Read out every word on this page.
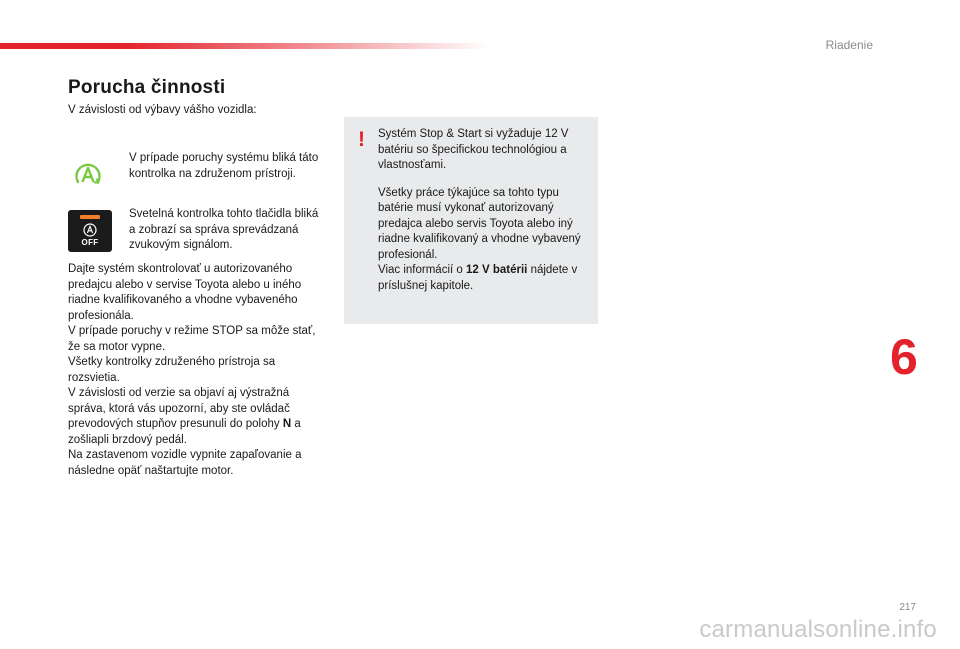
Riadenie
Porucha činnosti
V závislosti od výbavy vášho vozidla:
V prípade poruchy systému bliká táto kontrolka na združenom prístroji.
OFF
Svetelná kontrolka tohto tlačidla bliká a zobrazí sa správa sprevádzaná zvukovým signálom.

Dajte systém skontrolovať u autorizovaného predajcu alebo v servise Toyota alebo u iného riadne kvalifikovaného a vhodne vybaveného profesionála.

V prípade poruchy v režime STOP sa môže stať, že sa motor vypne.

Všetky kontrolky združeného prístroja sa rozsvietia.

V závislosti od verzie sa objaví aj výstražná správa, ktorá vás upozorní, aby ste ovládač prevodových stupňov presunuli do polohy N a zošliapli brzdový pedál.

Na zastavenom vozidle vypnite zapaľovanie a následne opäť naštartujte motor.

! Systém Stop & Start si vyžaduje 12 V batériu so špecifickou technológiou a vlastnosťami.

Všetky práce týkajúce sa tohto typu batérie musí vykonať autorizovaný predajca alebo servis Toyota alebo iný riadne kvalifikovaný a vhodne vybavený profesionál.
Viac informácií o 12 V batérii nájdete v príslušnej kapitole.

6
217
carmanualsonline.info
